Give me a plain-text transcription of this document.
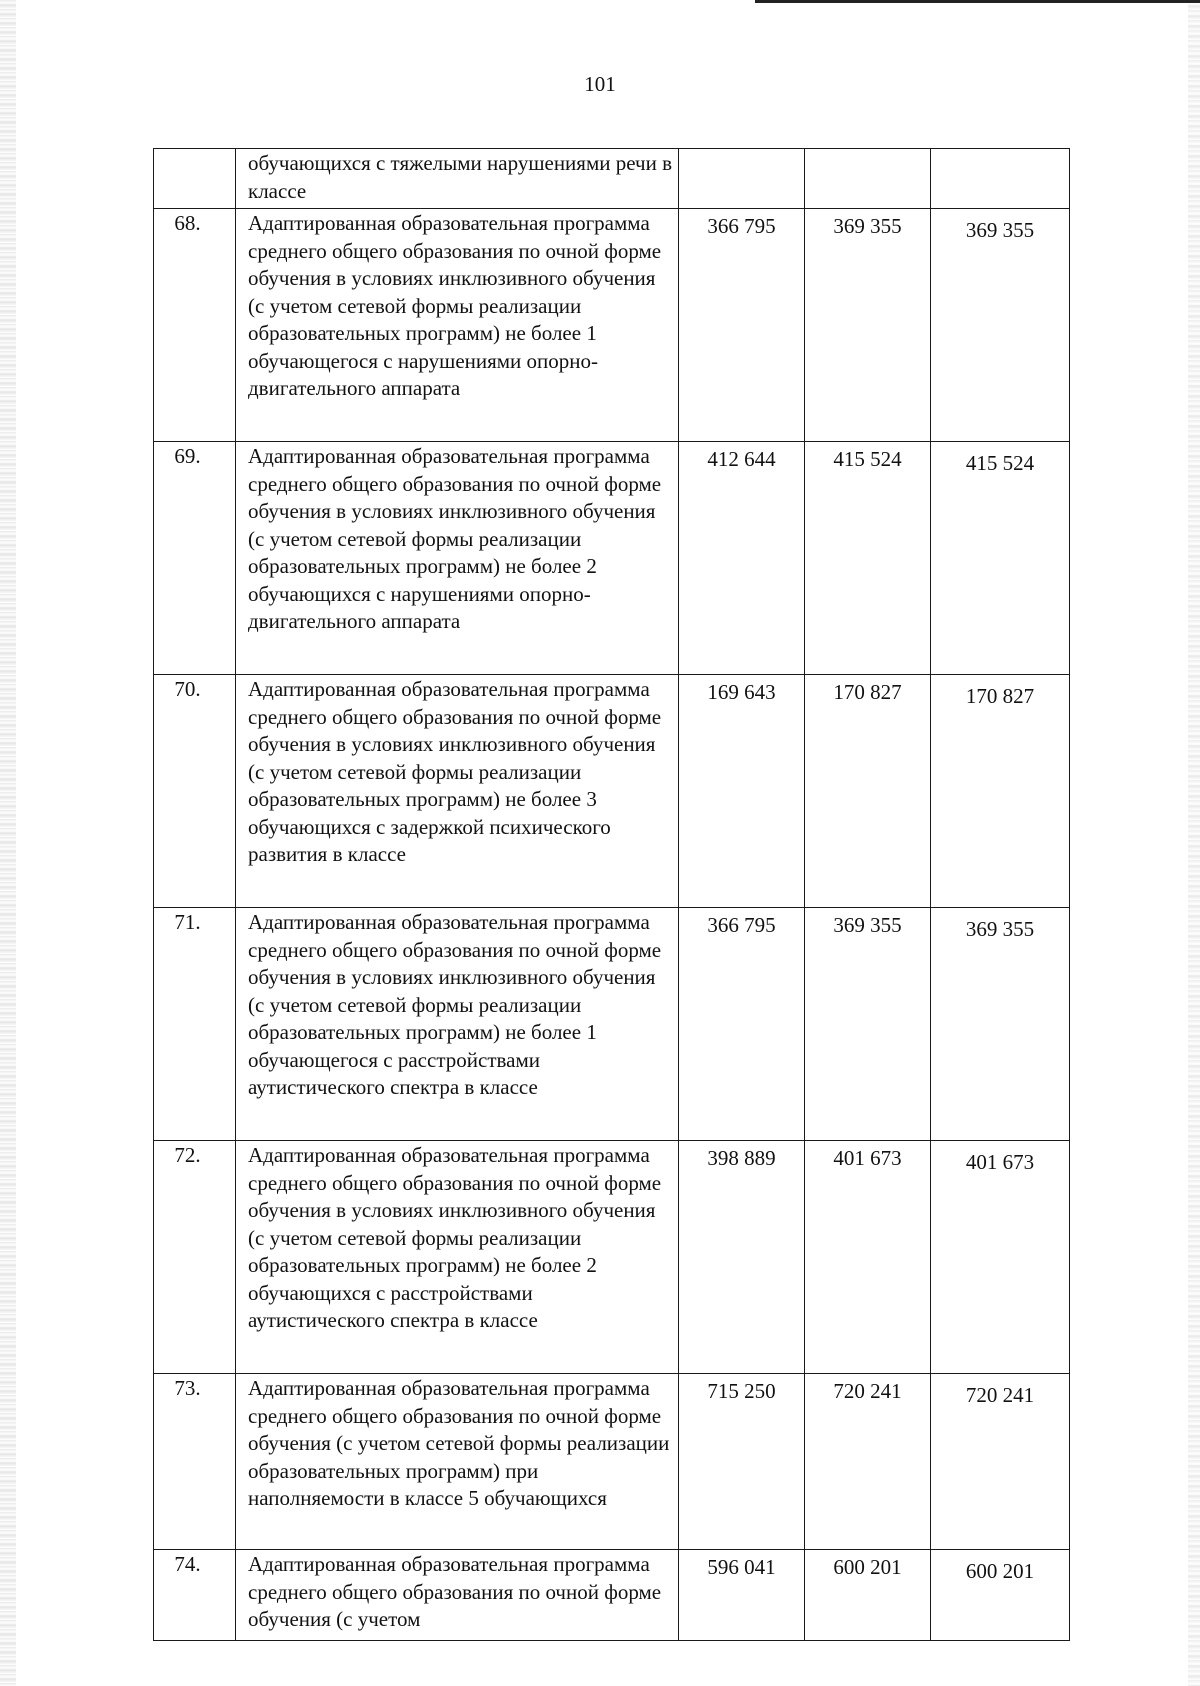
101
	обучающихся с тяжелыми нарушениями речи в классе			
68.	Адаптированная образовательная программа среднего общего образования по очной форме обучения в условиях инклюзивного обучения (с учетом сетевой формы реализации образовательных программ) не более 1 обучающегося с нарушениями опорно-двигательного аппарата	366 795	369 355	369 355
69.	Адаптированная образовательная программа среднего общего образования по очной форме обучения в условиях инклюзивного обучения (с учетом сетевой формы реализации образовательных программ) не более 2 обучающихся с нарушениями опорно-двигательного аппарата	412 644	415 524	415 524
70.	Адаптированная образовательная программа среднего общего образования по очной форме обучения в условиях инклюзивного обучения (с учетом сетевой формы реализации образовательных программ) не более 3 обучающихся с задержкой психического развития в классе	169 643	170 827	170 827
71.	Адаптированная образовательная программа среднего общего образования по очной форме обучения в условиях инклюзивного обучения (с учетом сетевой формы реализации образовательных программ) не более 1 обучающегося с расстройствами аутистического спектра в классе	366 795	369 355	369 355
72.	Адаптированная образовательная программа среднего общего образования по очной форме обучения в условиях инклюзивного обучения (с учетом сетевой формы реализации образовательных программ) не более 2 обучающихся с расстройствами аутистического спектра в классе	398 889	401 673	401 673
73.	Адаптированная образовательная программа среднего общего образования по очной форме обучения (с учетом сетевой формы реализации образовательных программ) при наполняемости в классе 5 обучающихся	715 250	720 241	720 241
74.	Адаптированная образовательная программа среднего общего образования по очной форме обучения (с учетом	596 041	600 201	600 201
